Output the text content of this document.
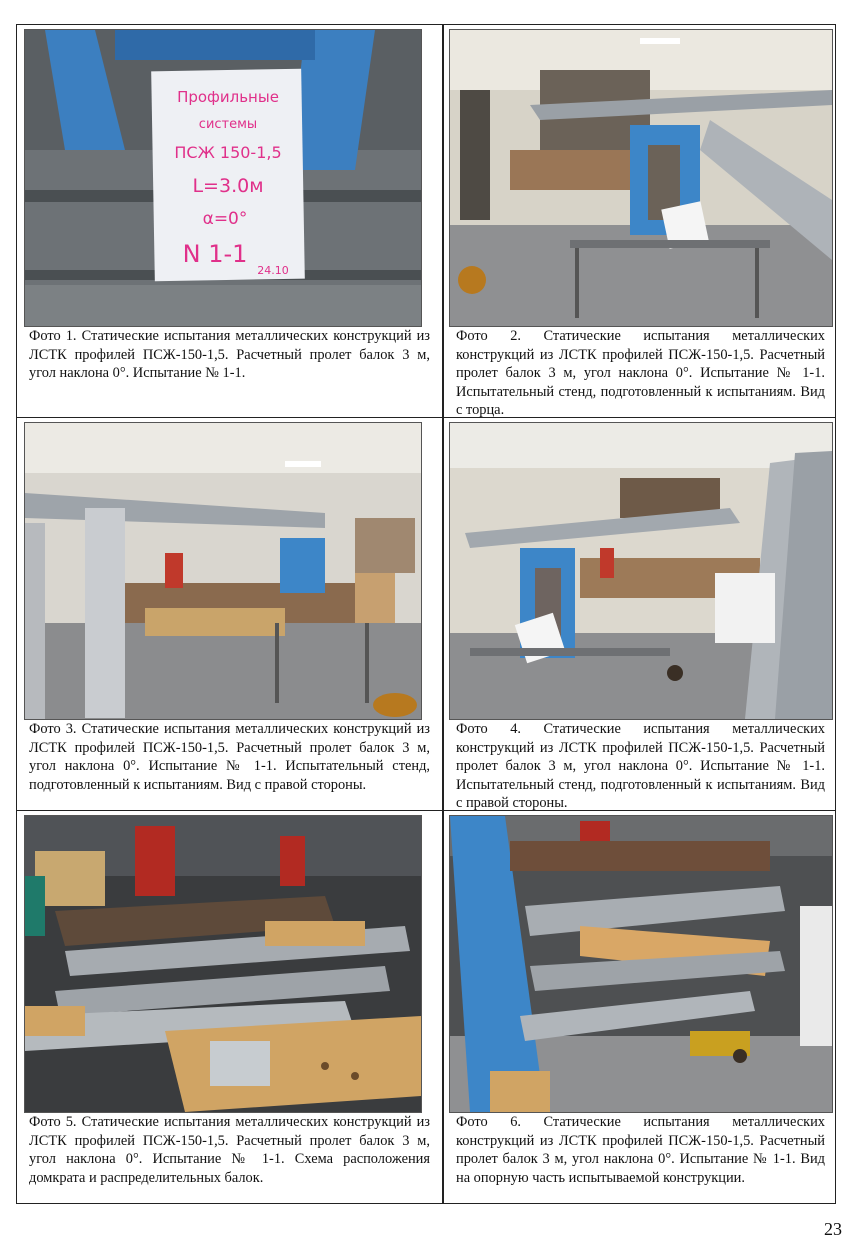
Профильные
системы
ПСЖ 150-1,5
L=3.0м
α=0°
N 1-1
24.10
Фото 1. Статические испытания металлических конструкций из ЛСТК профилей ПСЖ-150-1,5. Расчетный пролет балок 3 м, угол наклона 0°. Испытание № 1-1.
Фото 2. Статические испытания металлических конструкций из ЛСТК профилей ПСЖ-150-1,5. Расчетный пролет балок 3 м, угол наклона 0°. Испытание № 1-1. Испытательный стенд, подготовленный к испытаниям. Вид с торца.
Фото 3. Статические испытания металлических конструкций из ЛСТК профилей ПСЖ-150-1,5. Расчетный пролет балок 3 м, угол наклона 0°. Испытание № 1-1. Испытательный стенд, подготовленный к испытаниям. Вид с правой стороны.
Фото 4. Статические испытания металлических конструкций из ЛСТК профилей ПСЖ-150-1,5. Расчетный пролет балок 3 м, угол наклона 0°. Испытание № 1-1. Испытательный стенд, подготовленный к испытаниям. Вид с правой стороны.
Фото 5. Статические испытания металлических конструкций из ЛСТК профилей ПСЖ-150-1,5. Расчетный пролет балок 3 м, угол наклона 0°. Испытание № 1-1. Схема расположения домкрата и распределительных балок.
Фото 6. Статические испытания металлических конструкций из ЛСТК профилей ПСЖ-150-1,5. Расчетный пролет балок 3 м, угол наклона 0°. Испытание № 1-1. Вид на опорную часть испытываемой конструкции.
23
